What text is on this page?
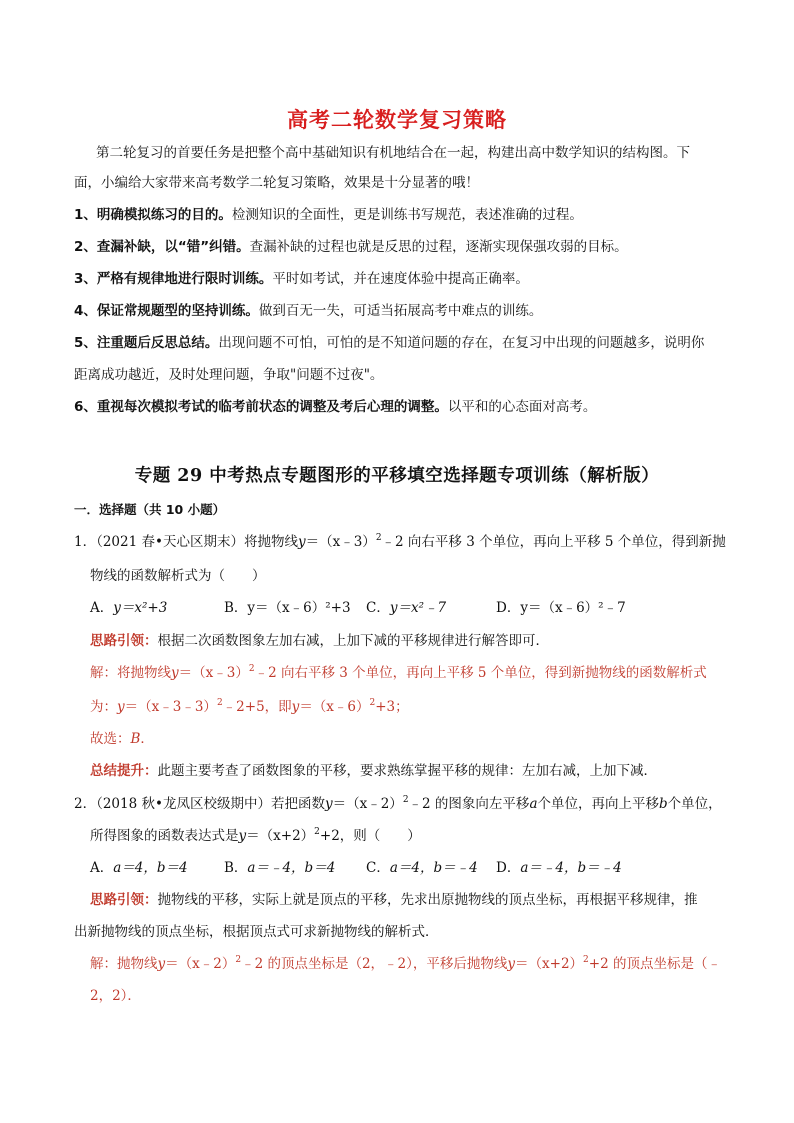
高考二轮数学复习策略
第二轮复习的首要任务是把整个高中基础知识有机地结合在一起，构建出高中数学知识的结构图。下
面，小编给大家带来高考数学二轮复习策略，效果是十分显著的哦！
1、明确模拟练习的目的。检测知识的全面性，更是训练书写规范，表述准确的过程。
2、查漏补缺，以“错”纠错。查漏补缺的过程也就是反思的过程，逐渐实现保强攻弱的目标。
3、严格有规律地进行限时训练。平时如考试，并在速度体验中提高正确率。
4、保证常规题型的坚持训练。做到百无一失，可适当拓展高考中难点的训练。
5、注重题后反思总结。出现问题不可怕，可怕的是不知道问题的存在，在复习中出现的问题越多，说明你
距离成功越近，及时处理问题，争取"问题不过夜"。
6、重视每次模拟考试的临考前状态的调整及考后心理的调整。以平和的心态面对高考。
专题 29 中考热点专题图形的平移填空选择题专项训练（解析版）
一．选择题（共 10 小题）
1．（2021 春•天心区期末）将抛物线y＝（x﹣3）$^2$﹣2 向右平移 3 个单位，再向上平移 5 个单位，得到新抛
物线的函数解析式为（　　）
A．y＝x²+3	B．y＝（x﹣6）²+3 C．y＝x²﹣7	D．y＝（x﹣6）²﹣7
思路引领：根据二次函数图象左加右减，上加下减的平移规律进行解答即可．
解：将抛物线y＝（x﹣3）$^2$﹣2 向右平移 3 个单位，再向上平移 5 个单位，得到新抛物线的函数解析式
为：y＝（x﹣3﹣3）$^2$﹣2+5，即y＝（x﹣6）$^2$+3；
故选：B．
总结提升：此题主要考查了函数图象的平移，要求熟练掌握平移的规律：左加右减，上加下减．
2．（2018 秋•龙凤区校级期中）若把函数y＝（x﹣2）$^2$﹣2 的图象向左平移a个单位，再向上平移b个单位，
所得图象的函数表达式是$y=(x+2)^2+2$，则（　　）
A．a＝4，b＝4	B．a＝﹣4，b＝4 C．a＝4，b＝﹣4 D．a＝﹣4，b＝﹣4
思路引领：抛物线的平移，实际上就是顶点的平移，先求出原抛物线的顶点坐标，再根据平移规律，推
出新抛物线的顶点坐标，根据顶点式可求新抛物线的解析式．
解：抛物线y＝（x﹣2）$^2$﹣2 的顶点坐标是（2，﹣2），平移后抛物线$y=(x+2)^2+2$ 的顶点坐标是（﹣
2，2）．
